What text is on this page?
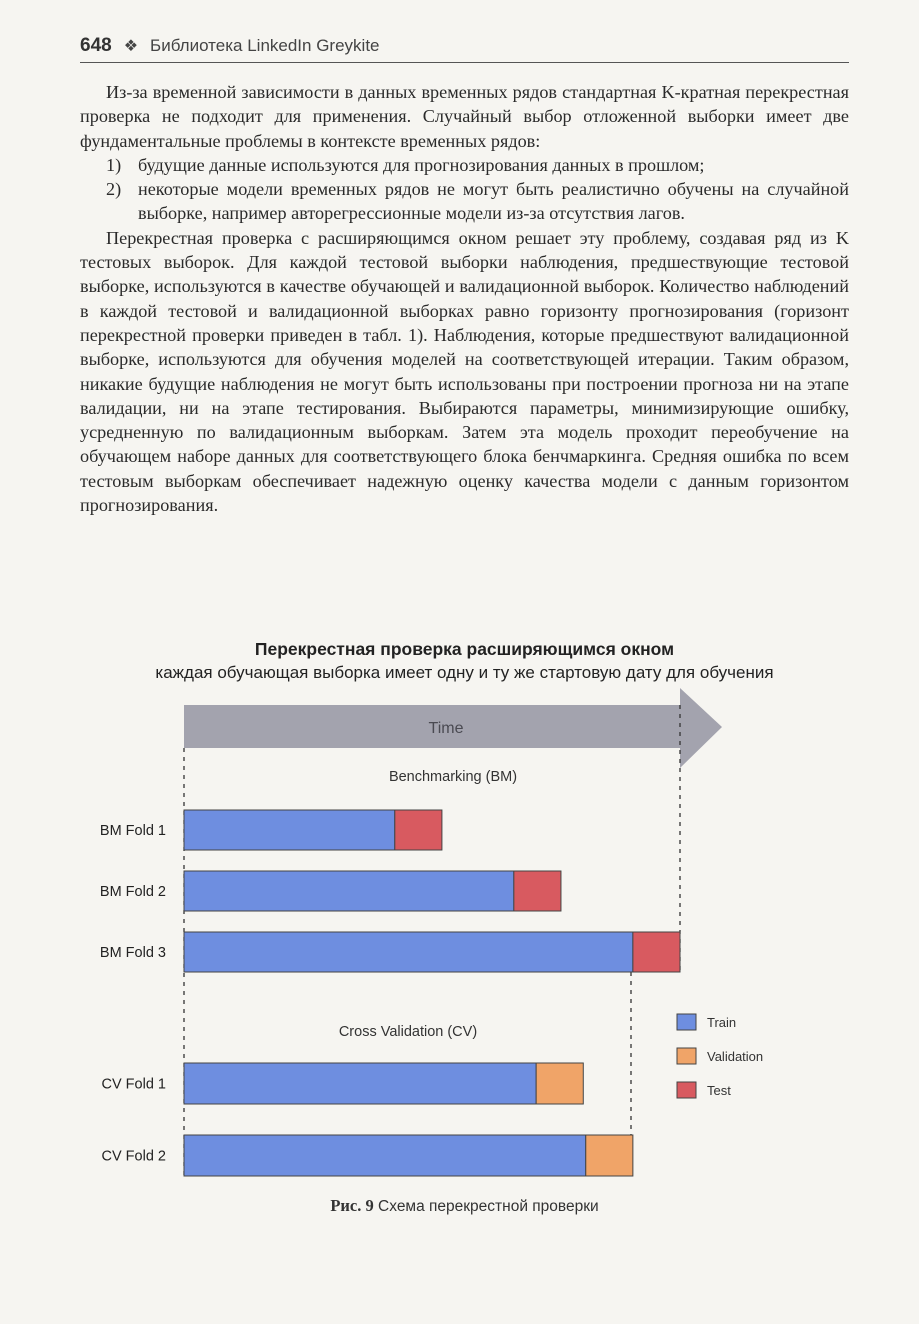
648 ❖ Библиотека LinkedIn Greykite

Из-за временной зависимости в данных временных рядов стандартная K-кратная перекрестная проверка не подходит для применения. Случайный выбор отложенной выборки имеет две фундаментальные проблемы в контексте временных рядов:

1) будущие данные используются для прогнозирования данных в прошлом;
2) некоторые модели временных рядов не могут быть реалистично обучены на случайной выборке, например авторегрессионные модели из-за отсутствия лагов.

Перекрестная проверка с расширяющимся окном решает эту проблему, создавая ряд из K тестовых выборок. Для каждой тестовой выборки наблюдения, предшествующие тестовой выборке, используются в качестве обучающей и валидационной выборок. Количество наблюдений в каждой тестовой и валидационной выборках равно горизонту прогнозирования (горизонт перекрестной проверки приведен в табл. 1). Наблюдения, которые предшествуют валидационной выборке, используются для обучения моделей на соответствующей итерации. Таким образом, никакие будущие наблюдения не могут быть использованы при построении прогноза ни на этапе валидации, ни на этапе тестирования. Выбираются параметры, минимизирующие ошибку, усредненную по валидационным выборкам. Затем эта модель проходит переобучение на обучающем наборе данных для соответствующего блока бенчмаркинга. Средняя ошибка по всем тестовым выборкам обеспечивает надежную оценку качества модели с данным горизонтом прогнозирования.

Перекрестная проверка расширяющимся окном
каждая обучающая выборка имеет одну и ту же стартовую дату для обучения
Time
Benchmarking (BM)
Cross Validation (CV)
BM Fold 1
BM Fold 2
BM Fold 3
CV Fold 1
CV Fold 2
Train
Validation
Test
Рис. 9 Схема перекрестной проверки
